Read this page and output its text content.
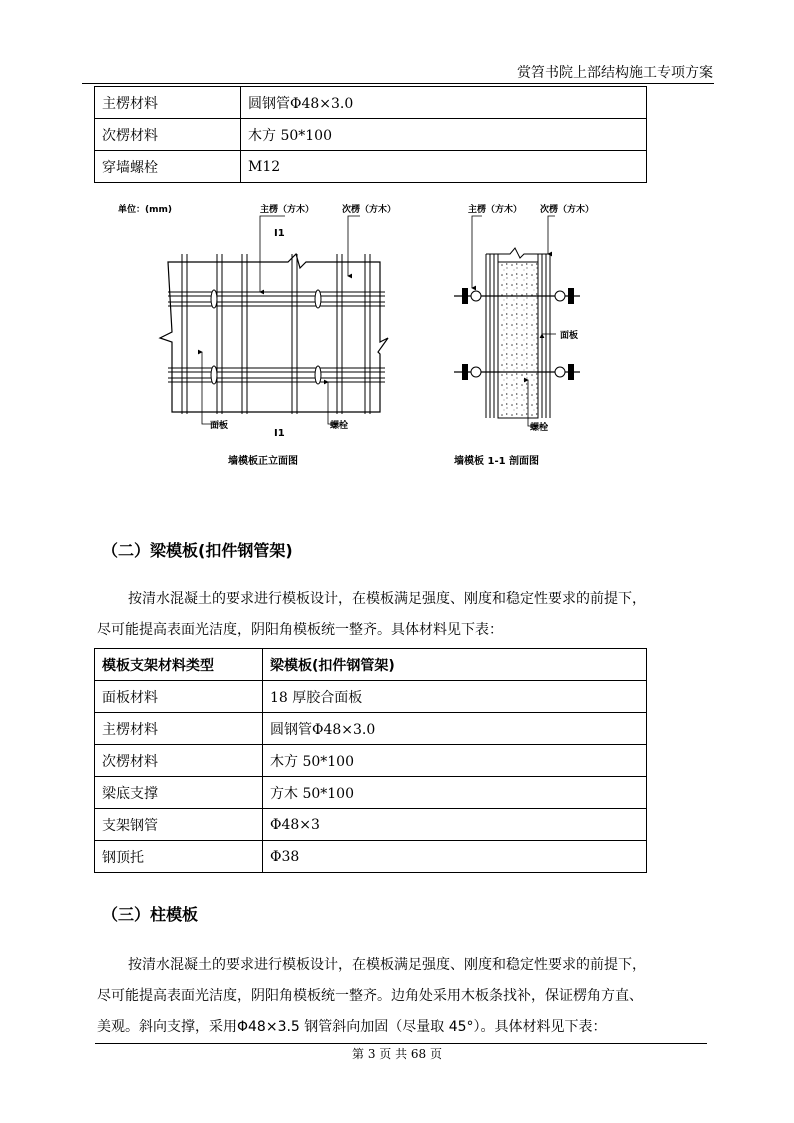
赏笤书院上部结构施工专项方案
主楞材料	圆钢管Φ48×3.0
次楞材料	木方 50*100
穿墙螺栓	M12
单位：(mm)	主楞（方木）	次楞（方木）
I1
I1
面板	螺栓
墙模板正立面图
主楞（方木） 次楞（方木）
面板
螺栓
墙模板 1-1 剖面图
（二）梁模板(扣件钢管架)
按清水混凝土的要求进行模板设计，在模板满足强度、刚度和稳定性要求的前提下，
尽可能提高表面光洁度，阴阳角模板统一整齐。具体材料见下表：
模板支架材料类型	梁模板(扣件钢管架)
面板材料	18 厚胶合面板
主楞材料	圆钢管Φ48×3.0
次楞材料	木方 50*100
梁底支撑	方木 50*100
支架钢管	Φ48×3
钢顶托	Φ38
（三）柱模板
按清水混凝土的要求进行模板设计，在模板满足强度、刚度和稳定性要求的前提下，
尽可能提高表面光洁度，阴阳角模板统一整齐。边角处采用木板条找补，保证楞角方直、
美观。斜向支撑，采用Φ48×3.5 钢管斜向加固（尽量取 45°）。具体材料见下表：
第 3 页 共 68 页
